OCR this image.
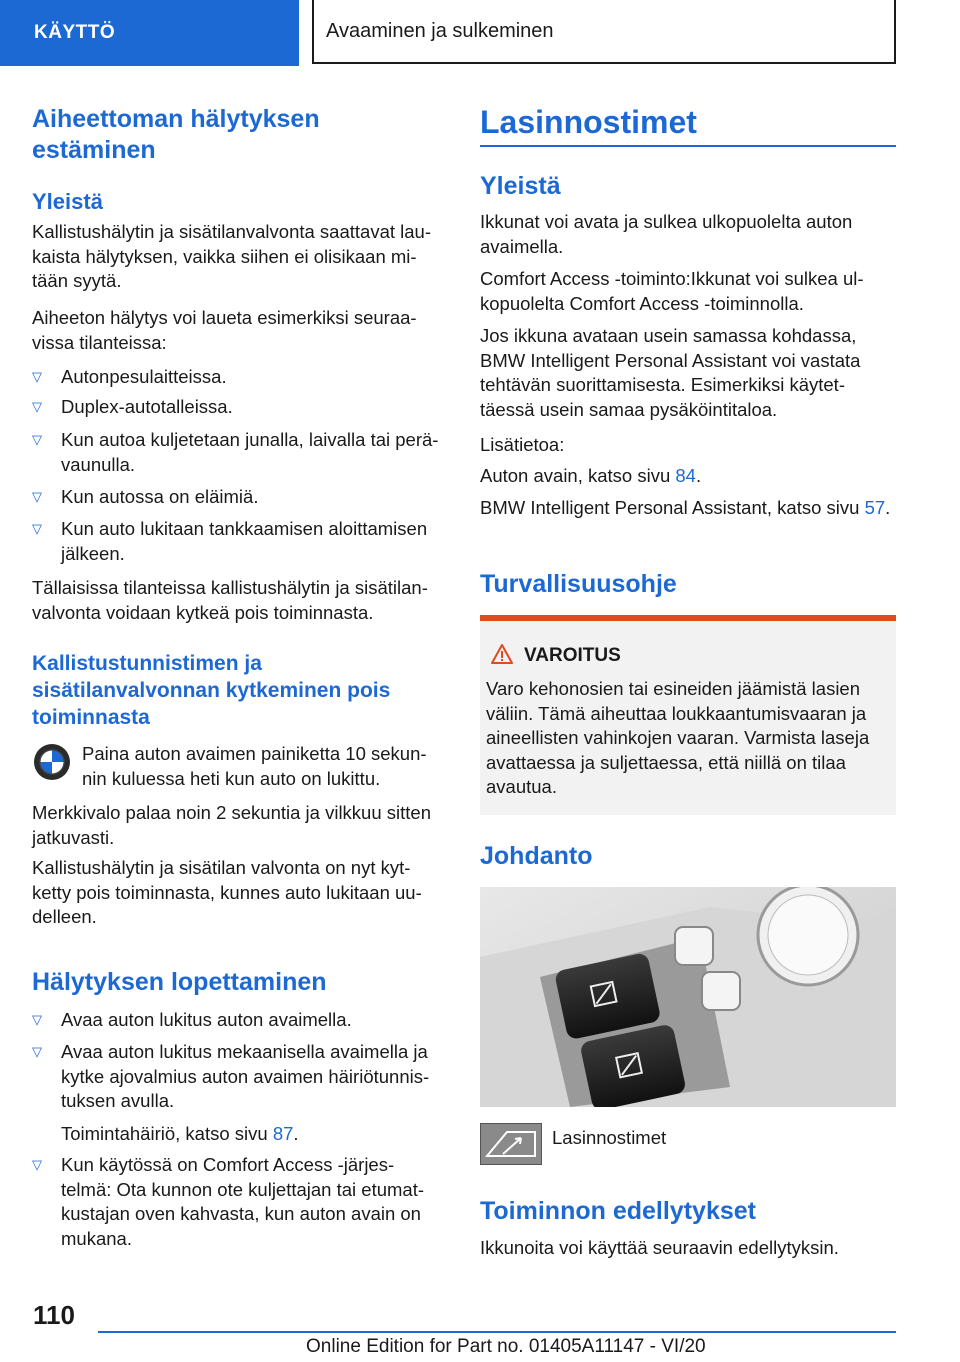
KÄYTTÖ	Avaaminen ja sulkeminen
Aiheettoman hälytyksen estäminen
Yleistä

Kallistushälytin ja sisätilanvalvonta saattavat lau-kaista hälytyksen, vaikka siihen ei olisikaan mi-tään syytä.

Aiheeton hälytys voi laueta esimerkiksi seuraa-vissa tilanteissa:

▽ Autonpesulaitteissa.
▽ Duplex-autotalleissa.
▽ Kun autoa kuljetetaan junalla, laivalla tai perä-vaunulla.
▽ Kun autossa on eläimiä.
▽ Kun auto lukitaan tankkaamisen aloittamisen jälkeen.

Tällaisissa tilanteissa kallistushälytin ja sisätilan-valvonta voidaan kytkeä pois toiminnasta.

Kallistustunnistimen ja sisätilanvalvonnan kytkeminen pois toiminnasta

Paina auton avaimen painiketta 10 sekun-nin kuluessa heti kun auto on lukittu.

Merkkivalo palaa noin 2 sekuntia ja vilkkuu sitten jatkuvasti.

Kallistushälytin ja sisätilan valvonta on nyt kyt-ketty pois toiminnasta, kunnes auto lukitaan uu-delleen.

Hälytyksen lopettaminen
▽ Avaa auton lukitus auton avaimella.
▽ Avaa auton lukitus mekaanisella avaimella ja kytke ajovalmius auton avaimen häiriötunnis-tuksen avulla.

Toimintahäiriö, katso sivu 87.

▽ Kun käytössä on Comfort Access -järjes-telmä: Ota kunnon ote kuljettajan tai etumat-kustajan oven kahvasta, kun auton avain on mukana.
Lasinnostimet
Yleistä

Ikkunat voi avata ja sulkea ulkopuolelta auton avaimella.

Comfort Access -toiminto:Ikkunat voi sulkea ul-kopuolelta Comfort Access -toiminnolla.

Jos ikkuna avataan usein samassa kohdassa, BMW Intelligent Personal Assistant voi vastata tehtävän suorittamisesta. Esimerkiksi käytet-täessä usein samaa pysäköintitaloa.

Lisätietoa:

Auton avain, katso sivu 84.

BMW Intelligent Personal Assistant, katso sivu 57.

Turvallisuusohje
VAROITUS

Varo kehonosien tai esineiden jäämistä lasien väliin. Tämä aiheuttaa loukkaantumisvaaran ja aineellisten vahinkojen vaaran. Varmista laseja avattaessa ja suljettaessa, että niillä on tilaa avautua.

Johdanto

Lasinnostimet

Toiminnon edellytykset

Ikkunoita voi käyttää seuraavin edellytyksin.

110
Online Edition for Part no. 01405A11147 - VI/20
